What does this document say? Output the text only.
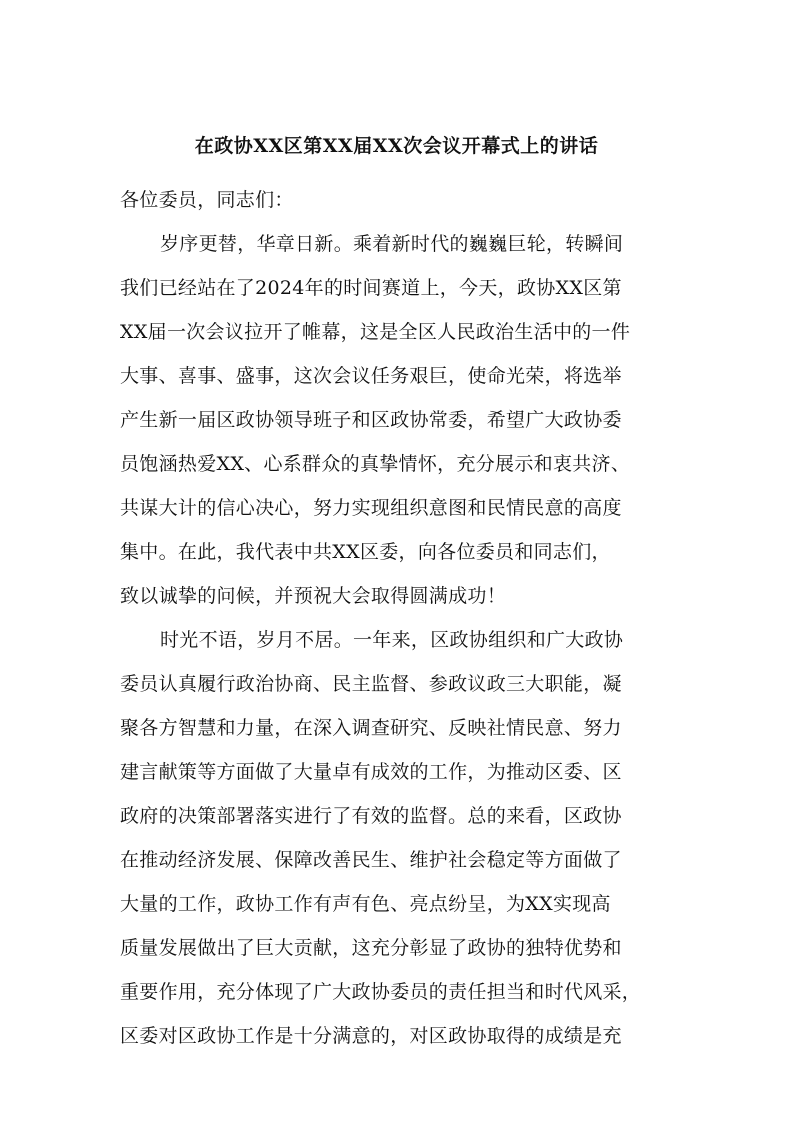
在政协XX区第XX届XX次会议开幕式上的讲话
各位委员，同志们：
岁序更替，华章日新。乘着新时代的巍巍巨轮，转瞬间
我们已经站在了2024年的时间赛道上，今天，政协XX区第
XX届一次会议拉开了帷幕，这是全区人民政治生活中的一件
大事、喜事、盛事，这次会议任务艰巨，使命光荣，将选举
产生新一届区政协领导班子和区政协常委，希望广大政协委
员饱涵热爱XX、心系群众的真挚情怀，充分展示和衷共济、
共谋大计的信心决心，努力实现组织意图和民情民意的高度
集中。在此，我代表中共XX区委，向各位委员和同志们，
致以诚挚的问候，并预祝大会取得圆满成功！
时光不语，岁月不居。一年来，区政协组织和广大政协
委员认真履行政治协商、民主监督、参政议政三大职能，凝
聚各方智慧和力量，在深入调查研究、反映社情民意、努力
建言献策等方面做了大量卓有成效的工作，为推动区委、区
政府的决策部署落实进行了有效的监督。总的来看，区政协
在推动经济发展、保障改善民生、维护社会稳定等方面做了
大量的工作，政协工作有声有色、亮点纷呈，为XX实现高
质量发展做出了巨大贡献，这充分彰显了政协的独特优势和
重要作用，充分体现了广大政协委员的责任担当和时代风采，
区委对区政协工作是十分满意的，对区政协取得的成绩是充
